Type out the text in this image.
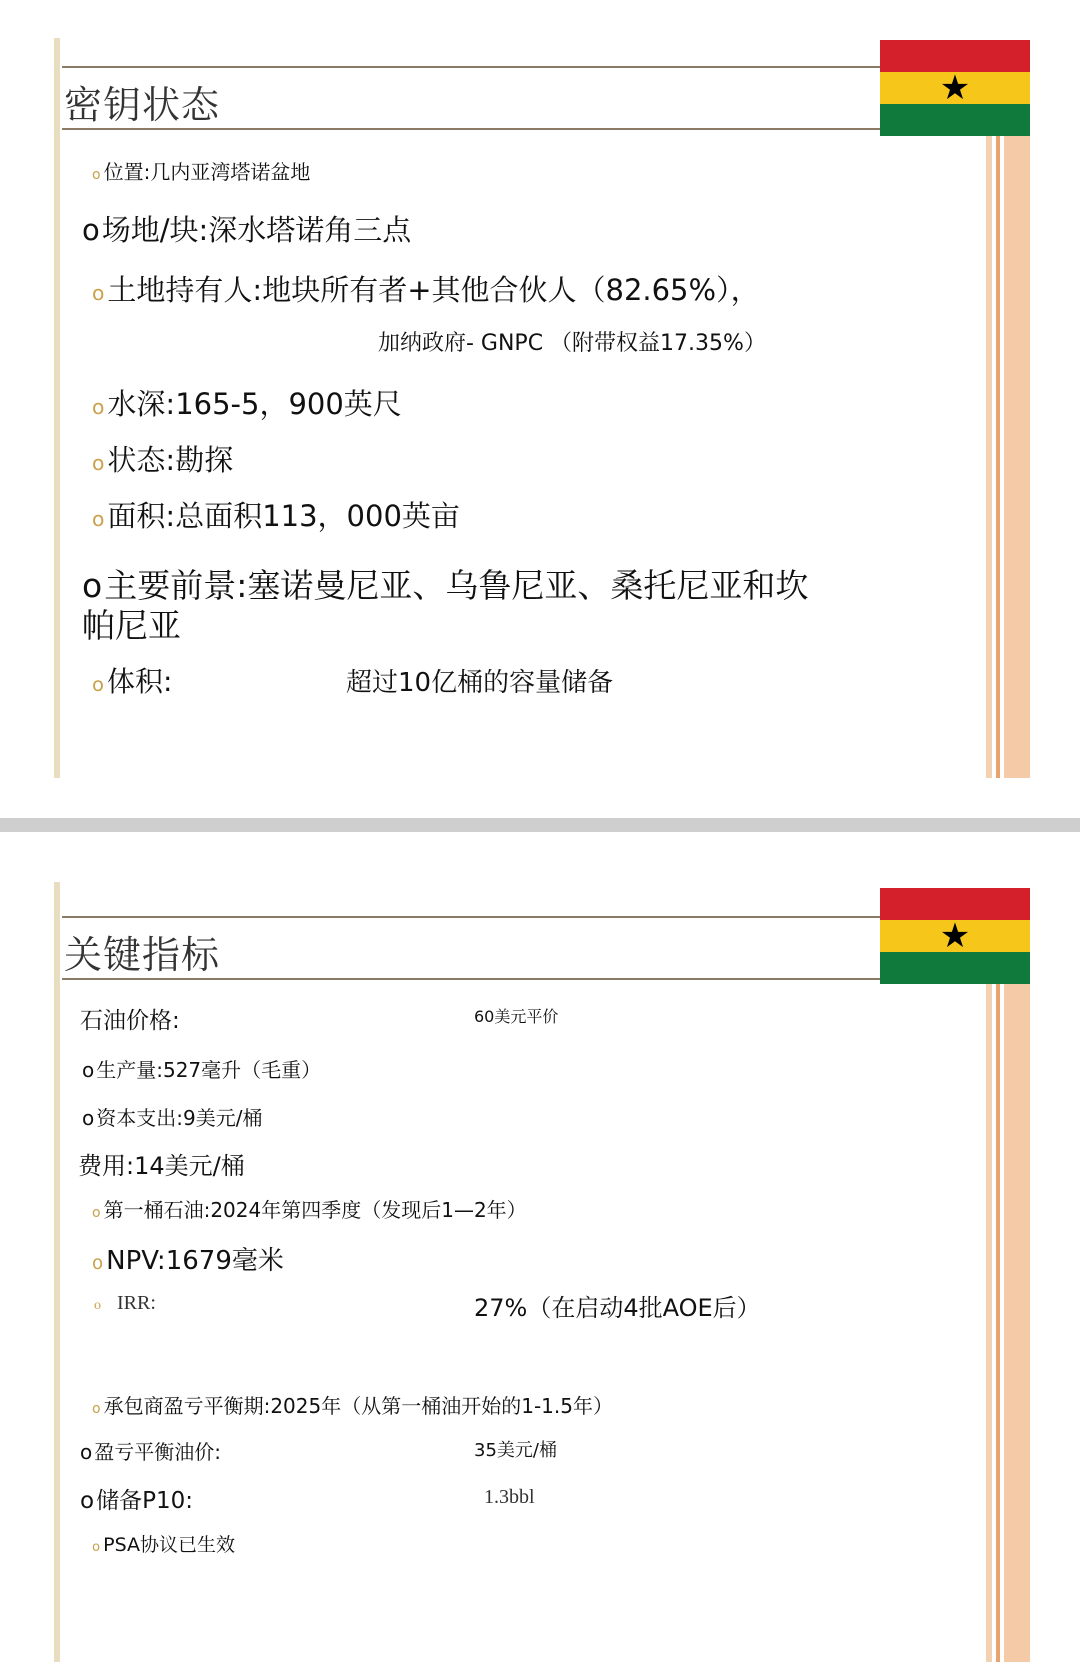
密钥状态	★
o 位置:几内亚湾塔诺盆地
o场地/块:深水塔诺角三点
o 土地持有人:地块所有者+其他合伙人（82.65%），
加纳政府- GNPC （附带权益17.35%）
o 水深:165-5，900英尺
o 状态:勘探
o 面积:总面积113，000英亩
o主要前景:塞诺曼尼亚、乌鲁尼亚、桑托尼亚和坎
帕尼亚
o 体积:	超过10亿桶的容量储备
关键指标	★
石油价格:	60美元平价
o 生产量:527毫升（毛重）
o 资本支出:9美元/桶
费用:14美元/桶
o 第一桶石油:2024年第四季度（发现后1—2年）
o NPV:1679毫米
o IRR:	27%（在启动4批AOE后）
o 承包商盈亏平衡期:2025年（从第一桶油开始的1-1.5年）
o 盈亏平衡油价:	35美元/桶
o储备P10:	1.3bbl
o PSA协议已生效
